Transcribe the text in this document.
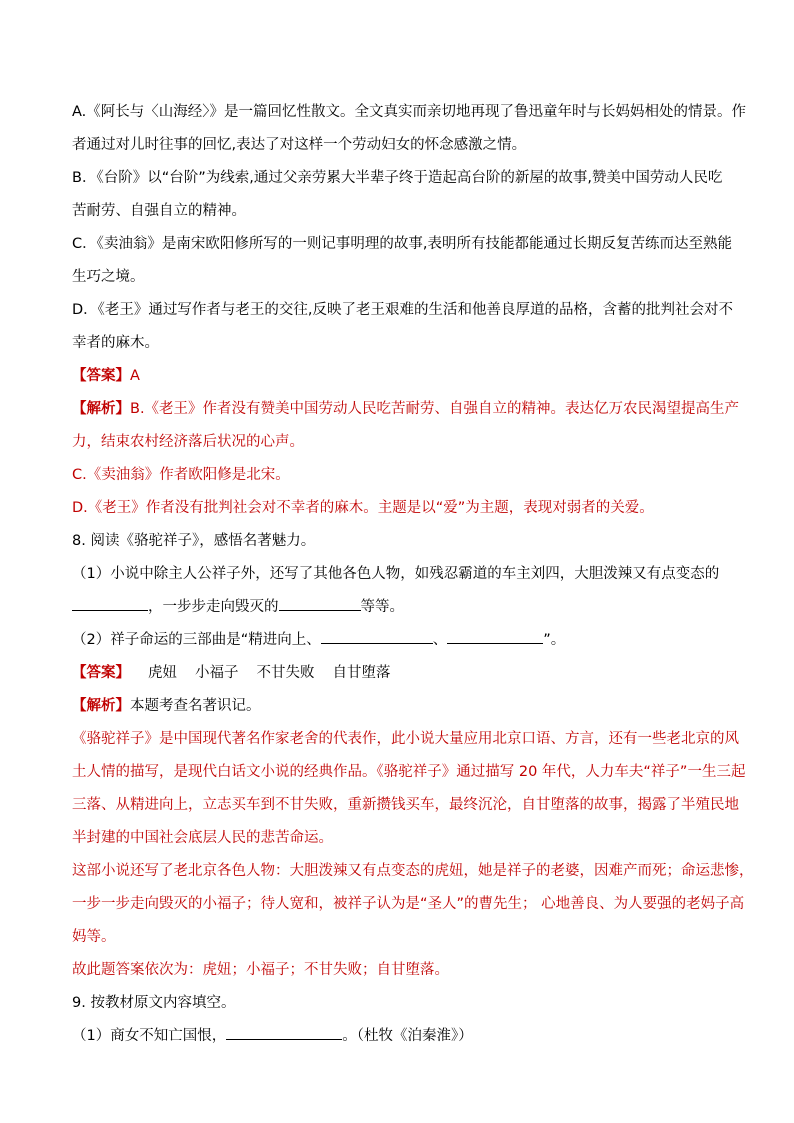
A.《阿长与〈山海经〉》是一篇回忆性散文。全文真实而亲切地再现了鲁迅童年时与长妈妈相处的情景。作
者通过对儿时往事的回忆,表达了对这样一个劳动妇女的怀念感激之情。
B．《台阶》以“台阶”为线索,通过父亲劳累大半辈子终于造起高台阶的新屋的故事,赞美中国劳动人民吃
苦耐劳、自强自立的精神。
C．《卖油翁》是南宋欧阳修所写的一则记事明理的故事,表明所有技能都能通过长期反复苦练而达至熟能
生巧之境。
D．《老王》通过写作者与老王的交往,反映了老王艰难的生活和他善良厚道的品格，含蓄的批判社会对不
幸者的麻木。
【答案】A
【解析】B.《老王》作者没有赞美中国劳动人民吃苦耐劳、自强自立的精神。表达亿万农民渴望提高生产
力，结束农村经济落后状况的心声。
C.《卖油翁》作者欧阳修是北宋。
D.《老王》作者没有批判社会对不幸者的麻木。主题是以“爱”为主题，表现对弱者的关爱。
8. 阅读《骆驼祥子》，感悟名著魅力。
（1）小说中除主人公祥子外，还写了其他各色人物，如残忍霸道的车主刘四，大胆泼辣又有点变态的
，一步步走向毁灭的	等等。
（2）祥子命运的三部曲是“精进向上、	、	”。
【答案】 虎妞 小福子 不甘失败 自甘堕落
【解析】本题考查名著识记。
《骆驼祥子》是中国现代著名作家老舍的代表作，此小说大量应用北京口语、方言，还有一些老北京的风
土人情的描写，是现代白话文小说的经典作品。《骆驼祥子》通过描写 20 年代，人力车夫“祥子”一生三起
三落、从精进向上，立志买车到不甘失败，重新攒钱买车，最终沉沦，自甘堕落的故事，揭露了半殖民地
半封建的中国社会底层人民的悲苦命运。
这部小说还写了老北京各色人物：大胆泼辣又有点变态的虎妞，她是祥子的老婆，因难产而死；命运悲惨，
一步一步走向毁灭的小福子；待人宽和，被祥子认为是“圣人”的曹先生； 心地善良、为人要强的老妈子高
妈等。
故此题答案依次为：虎妞；小福子；不甘失败；自甘堕落。
9. 按教材原文内容填空。
（1）商女不知亡国恨，	。（杜牧《泊秦淮》）
